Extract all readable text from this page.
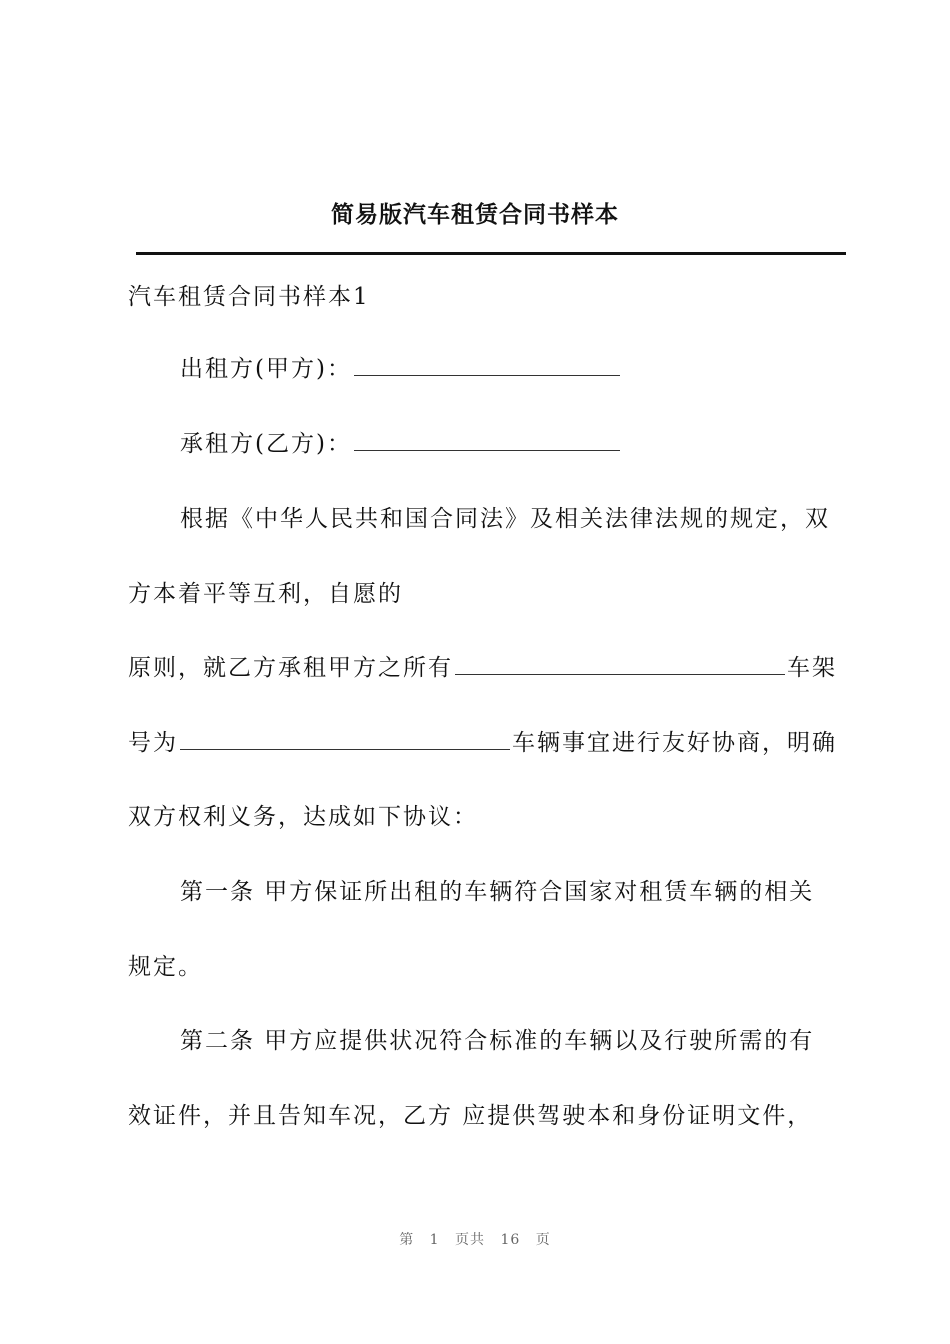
简易版汽车租赁合同书样本
汽车租赁合同书样本1
出租方(甲方)：
承租方(乙方)：
根据《中华人民共和国合同法》及相关法律法规的规定，双
方本着平等互利，自愿的
原则，就乙方承租甲方之所有	车架
号为	车辆事宜进行友好协商，明确
双方权利义务，达成如下协议：
第一条 甲方保证所出租的车辆符合国家对租赁车辆的相关
规定。
第二条 甲方应提供状况符合标准的车辆以及行驶所需的有
效证件，并且告知车况，乙方 应提供驾驶本和身份证明文件，
第 1 页共 16 页
